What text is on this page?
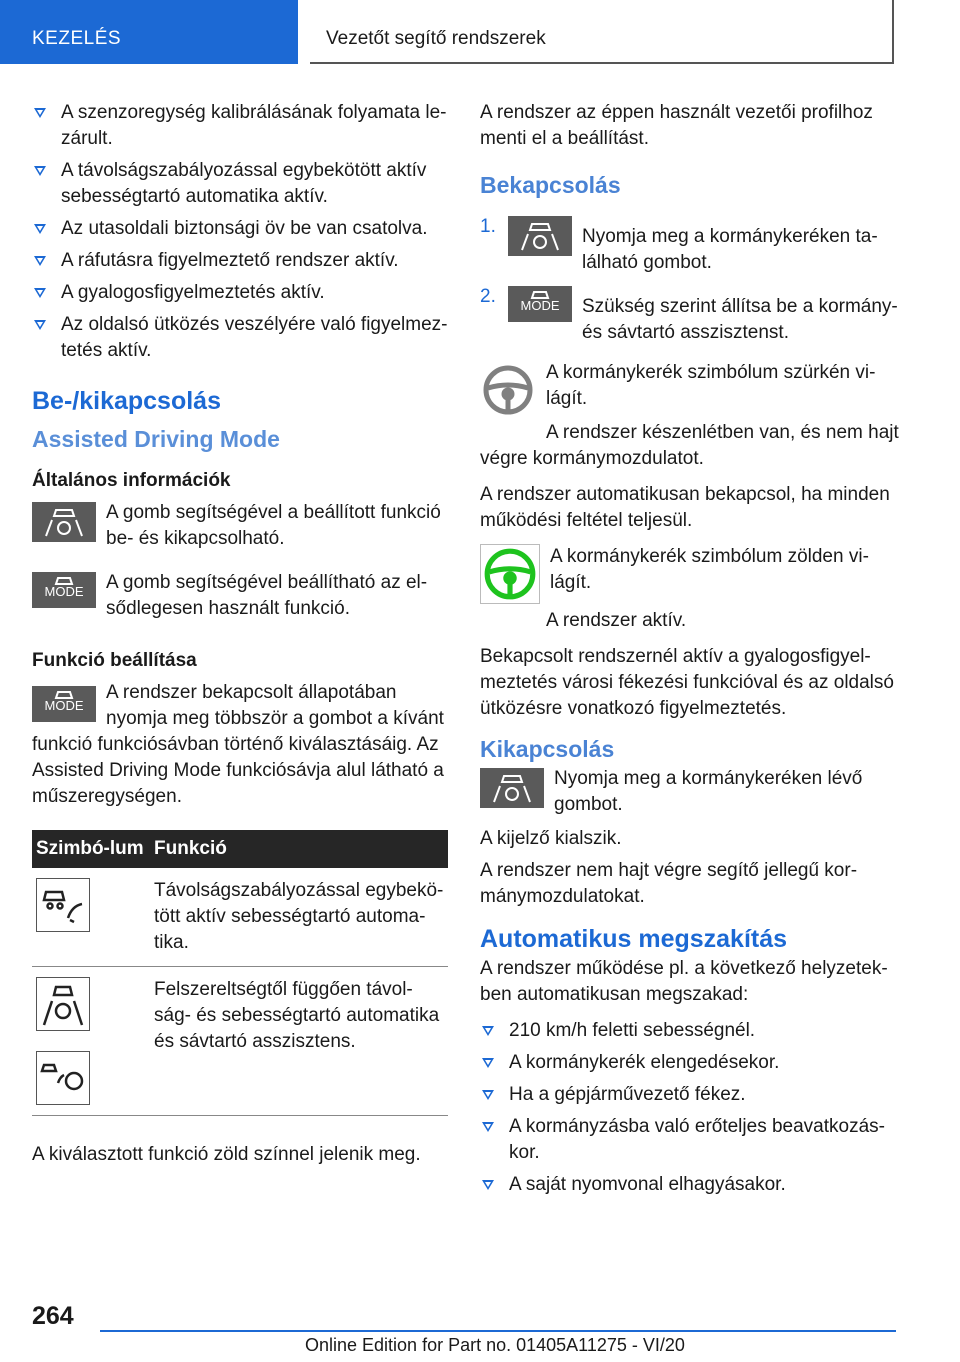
KEZELÉS	Vezetőt segítő rendszerek
A szenzoregység kalibrálásának folyamata le-zárult.
A távolságszabályozással egybekötött aktív sebességtartó automatika aktív.
Az utasoldali biztonsági öv be van csatolva.
A ráfutásra figyelmeztető rendszer aktív.
A gyalogosfigyelmeztetés aktív.
Az oldalsó ütközés veszélyére való figyelmez-tetés aktív.
Be-/kikapcsolás
Assisted Driving Mode
Általános információk
A gomb segítségével a beállított funkció be- és kikapcsolható.
MODE	A gomb segítségével beállítható az el-sődlegesen használt funkció.
Funkció beállítása
MODE
A rendszer bekapcsolt állapotában nyomja meg többször a gombot a kívánt funkció funkciósávban történő kiválasztásáig. Az Assisted Driving Mode funkciósávja alul látható a műszeregységen.
Szimbó-lum	Funkció

	Távolságszabályozással egybekö-tött aktív sebességtartó automa-tika.

	Felszereltségtől függően távol-ság- és sebességtartó automatika és sávtartó asszisztens.
A kiválasztott funkció zöld színnel jelenik meg.
A rendszer az éppen használt vezetői profilhoz menti el a beállítást.
Bekapcsolás
1.	Nyomja meg a kormánykeréken ta-lálható gombot.
2.	MODE	Szükség szerint állítsa be a kormány- és sávtartó asszisztenst.
A kormánykerék szimbólum szürkén vi-lágít.
A rendszer készenlétben van, és nem hajt végre kormánymozdulatot.
A rendszer automatikusan bekapcsol, ha minden működési feltétel teljesül.
A kormánykerék szimbólum zölden vi-lágít.
A rendszer aktív.
Bekapcsolt rendszernél aktív a gyalogosfigyel-meztetés városi fékezési funkcióval és az oldalsó ütközésre vonatkozó figyelmeztetés.
Kikapcsolás
Nyomja meg a kormánykeréken lévő gombot.
A kijelző kialszik.
A rendszer nem hajt végre segítő jellegű kor-mánymozdulatokat.
Automatikus megszakítás
A rendszer működése pl. a következő helyzetek-ben automatikusan megszakad:
210 km/h feletti sebességnél.
A kormánykerék elengedésekor.
Ha a gépjárművezető fékez.
A kormányzásba való erőteljes beavatkozás-kor.
A saját nyomvonal elhagyásakor.
264
Online Edition for Part no. 01405A11275 - VI/20
